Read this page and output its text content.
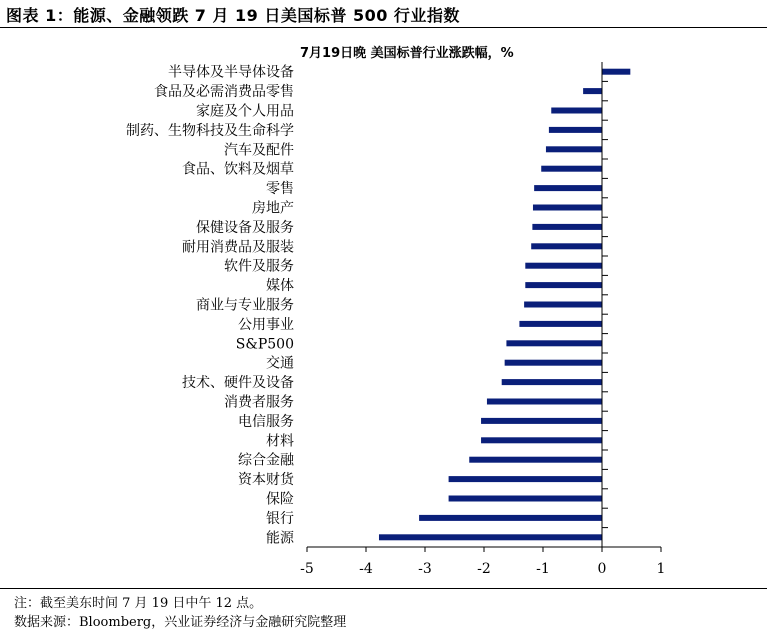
图表 1：能源、金融领跌 7 月 19 日美国标普 500 行业指数
7月19日晚 美国标普行业涨跌幅，%
半导体及半导体设备
食品及必需消费品零售
家庭及个人用品
制药、生物科技及生命科学
汽车及配件
食品、饮料及烟草
零售
房地产
保健设备及服务
耐用消费品及服装
软件及服务
媒体
商业与专业服务
公用事业
S&P500
交通
技术、硬件及设备
消费者服务
电信服务
材料
综合金融
资本财货
保险
银行
能源
-5	-4	-3	-2	-1	0	1
注：截至美东时间 7 月 19 日中午 12 点。
数据来源：Bloomberg，兴业证券经济与金融研究院整理
